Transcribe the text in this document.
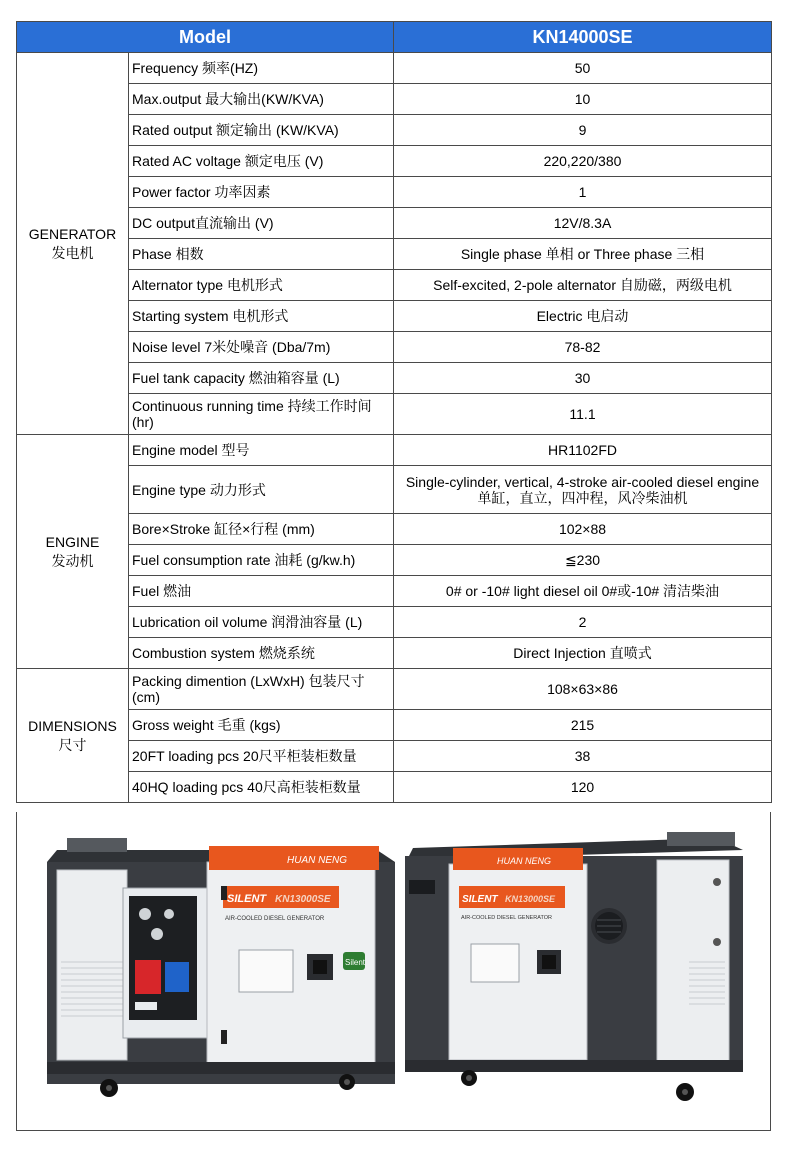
Model		KN14000SE

GENERATOR
发电机	Frequency 频率(HZ)	50
	Max.output 最大输出(KW/KVA)	10
	Rated output 额定输出 (KW/KVA)	9
	Rated AC voltage 额定电压 (V)	220,220/380
	Power factor 功率因素	1
	DC output直流输出 (V)	12V/8.3A
	Phase 相数	Single phase 单相 or Three phase 三相
	Alternator type 电机形式	Self-excited, 2-pole alternator 自励磁，两级电机
	Starting system 电机形式	Electric 电启动
	Noise level 7米处噪音 (Dba/7m)	78-82
	Fuel tank capacity 燃油箱容量 (L)	30
	Continuous running time 持续工作时间(hr)	11.1

ENGINE
发动机	Engine model 型号	HR1102FD
	Engine type 动力形式	Single-cylinder, vertical, 4-stroke air-cooled diesel engine 单缸，直立，四冲程，风冷柴油机
	Bore×Stroke 缸径×行程 (mm)	102×88
	Fuel consumption rate 油耗 (g/kw.h)	≦230
	Fuel 燃油	0# or -10# light diesel oil 0#或-10# 清洁柴油
	Lubrication oil volume 润滑油容量 (L)	2
	Combustion system 燃烧系统	Direct Injection 直喷式

DIMENSIONS
尺寸	Packing dimention (LxWxH) 包装尺寸 (cm)	108×63×86
	Gross weight 毛重 (kgs)	215
	20FT loading pcs 20尺平柜装柜数量	38
	40HQ loading pcs 40尺高柜装柜数量	120
HUAN NENG
SILENT KN13000SE
AIR-COOLED DIESEL GENERATOR
Silent
HUAN NENG
SILENT KN13000SE
AIR-COOLED DIESEL GENERATOR
